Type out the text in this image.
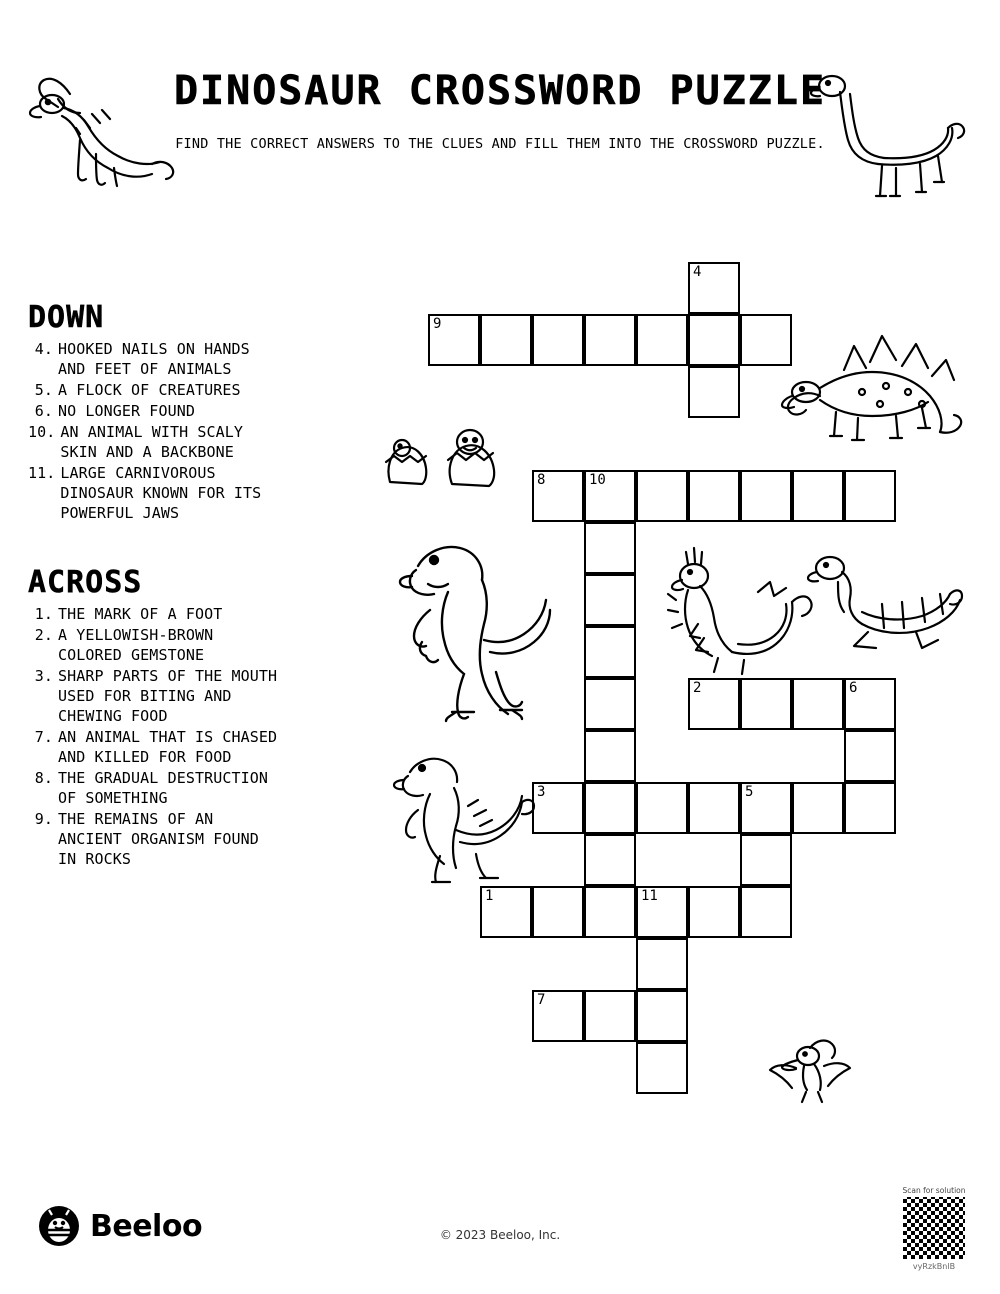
DINOSAUR CROSSWORD PUZZLE
FIND THE CORRECT ANSWERS TO THE CLUES AND FILL THEM INTO THE CROSSWORD PUZZLE.
DOWN
4. HOOKED NAILS ON HANDS AND FEET OF ANIMALS
5. A FLOCK OF CREATURES
6. NO LONGER FOUND
10. AN ANIMAL WITH SCALY SKIN AND A BACKBONE
11. LARGE CARNIVOROUS DINOSAUR KNOWN FOR ITS POWERFUL JAWS
ACROSS
1. THE MARK OF A FOOT
2. A YELLOWISH-BROWN COLORED GEMSTONE
3. SHARP PARTS OF THE MOUTH USED FOR BITING AND CHEWING FOOD
7. AN ANIMAL THAT IS CHASED AND KILLED FOR FOOD
8. THE GRADUAL DESTRUCTION OF SOMETHING
9. THE REMAINS OF AN ANCIENT ORGANISM FOUND IN ROCKS
4
9
8	10
2	6
3	5
1	11
7
Beeloo	© 2023 Beeloo, Inc.
Scan for solution
vyRzkBnlB
